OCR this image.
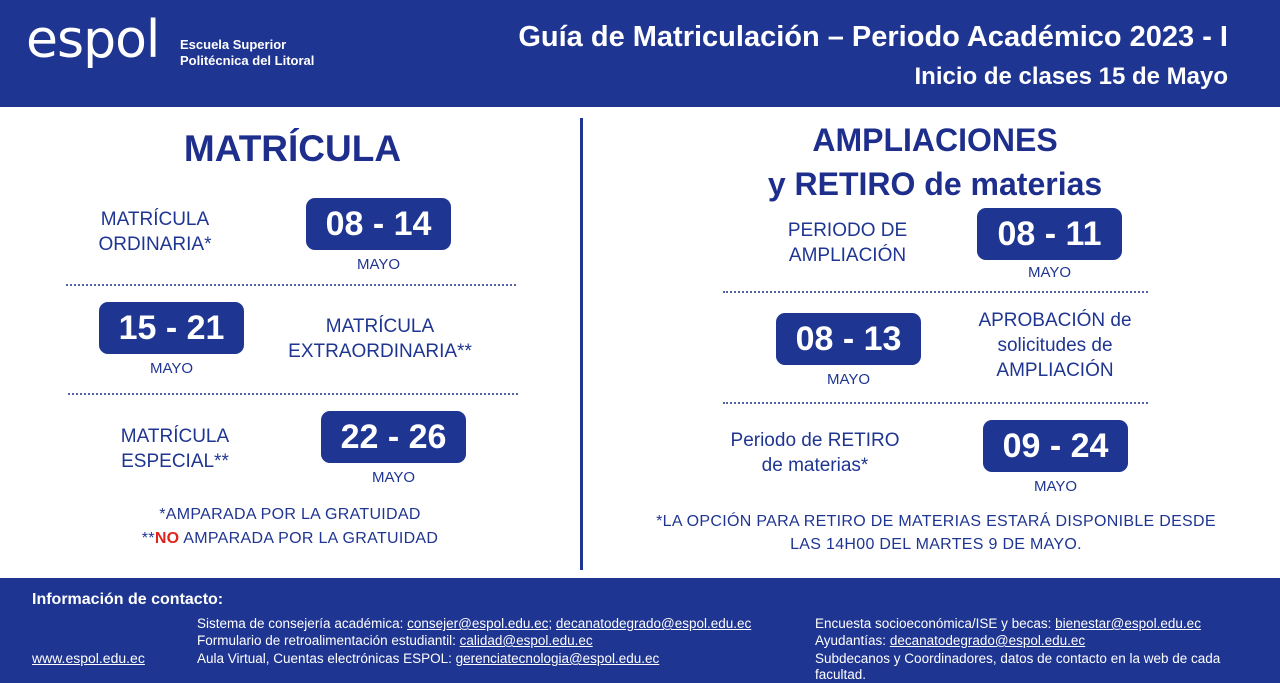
espol Escuela Superior
Politécnica del Litoral
Guía de Matriculación – Periodo Académico 2023 - I
Inicio de clases 15 de Mayo
MATRÍCULA
MATRÍCULA
ORDINARIA*
08 - 14
MAYO
15 - 21
MAYO
MATRÍCULA
EXTRAORDINARIA**
MATRÍCULA
ESPECIAL**
22 - 26
MAYO
*AMPARADA POR LA GRATUIDAD
**NO AMPARADA POR LA GRATUIDAD
AMPLIACIONES
y RETIRO de materias
PERIODO DE
AMPLIACIÓN
08 - 11
MAYO
08 - 13
MAYO
APROBACIÓN de
solicitudes de
AMPLIACIÓN
Periodo de RETIRO
de materias*
09 - 24
MAYO
*LA OPCIÓN PARA RETIRO DE MATERIAS ESTARÁ DISPONIBLE DESDE
LAS 14H00 DEL MARTES 9 DE MAYO.
Información de contacto:
www.espol.edu.ec
Sistema de consejería académica: consejer@espol.edu.ec; decanatodegrado@espol.edu.ec
Formulario de retroalimentación estudiantil: calidad@espol.edu.ec
Aula Virtual, Cuentas electrónicas ESPOL: gerenciatecnologia@espol.edu.ec
Encuesta socioeconómica/ISE y becas: bienestar@espol.edu.ec
Ayudantías: decanatodegrado@espol.edu.ec
Subdecanos y Coordinadores, datos de contacto en la web de cada
facultad.
